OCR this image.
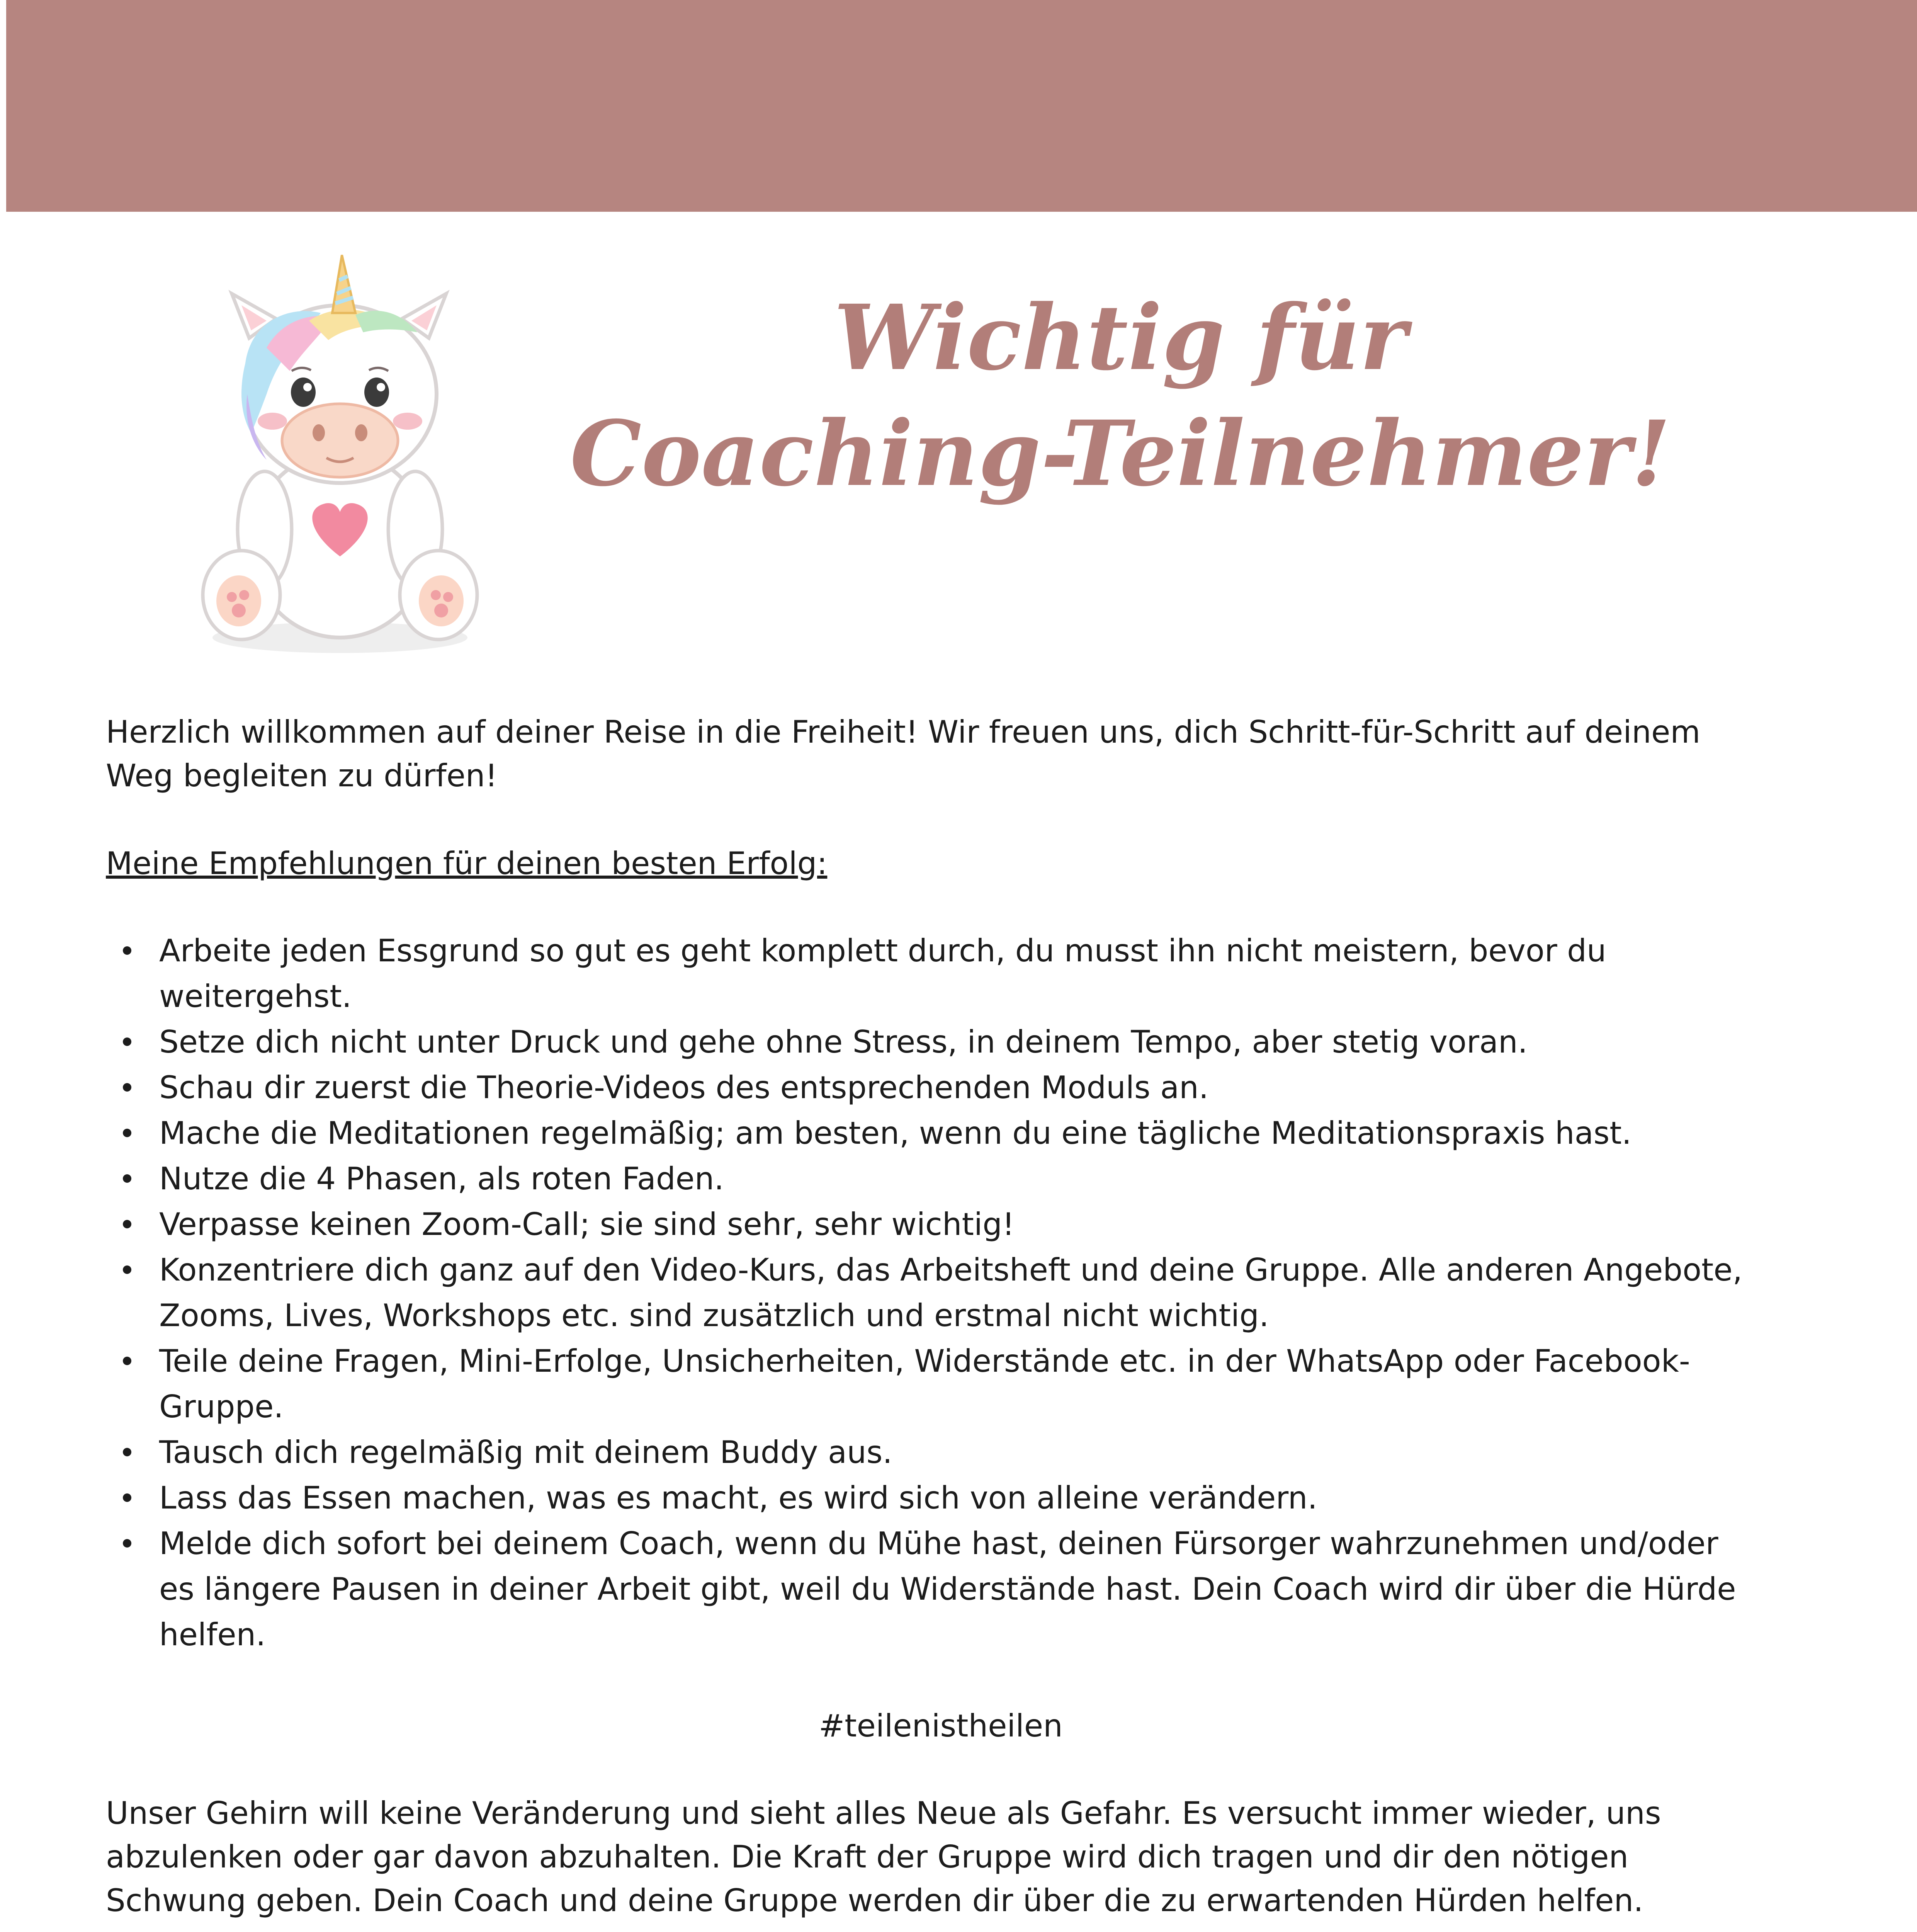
Wichtig für
Coaching-Teilnehmer!

Herzlich willkommen auf deiner Reise in die Freiheit! Wir freuen uns, dich Schritt-für-Schritt auf deinem
Weg begleiten zu dürfen!

Meine Empfehlungen für deinen besten Erfolg:

Arbeite jeden Essgrund so gut es geht komplett durch, du musst ihn nicht meistern, bevor du
weitergehst.
Setze dich nicht unter Druck und gehe ohne Stress, in deinem Tempo, aber stetig voran.
Schau dir zuerst die Theorie-Videos des entsprechenden Moduls an.
Mache die Meditationen regelmäßig; am besten, wenn du eine tägliche Meditationspraxis hast.
Nutze die 4 Phasen, als roten Faden.
Verpasse keinen Zoom-Call; sie sind sehr, sehr wichtig!
Konzentriere dich ganz auf den Video-Kurs, das Arbeitsheft und deine Gruppe. Alle anderen Angebote,
Zooms, Lives, Workshops etc. sind zusätzlich und erstmal nicht wichtig.
Teile deine Fragen, Mini-Erfolge, Unsicherheiten, Widerstände etc. in der WhatsApp oder Facebook-
Gruppe.
Tausch dich regelmäßig mit deinem Buddy aus.
Lass das Essen machen, was es macht, es wird sich von alleine verändern.
Melde dich sofort bei deinem Coach, wenn du Mühe hast, deinen Fürsorger wahrzunehmen und/oder
es längere Pausen in deiner Arbeit gibt, weil du Widerstände hast. Dein Coach wird dir über die Hürde
helfen.

#teilenistheilen

Unser Gehirn will keine Veränderung und sieht alles Neue als Gefahr. Es versucht immer wieder, uns
abzulenken oder gar davon abzuhalten. Die Kraft der Gruppe wird dich tragen und dir den nötigen
Schwung geben. Dein Coach und deine Gruppe werden dir über die zu erwartenden Hürden helfen.
